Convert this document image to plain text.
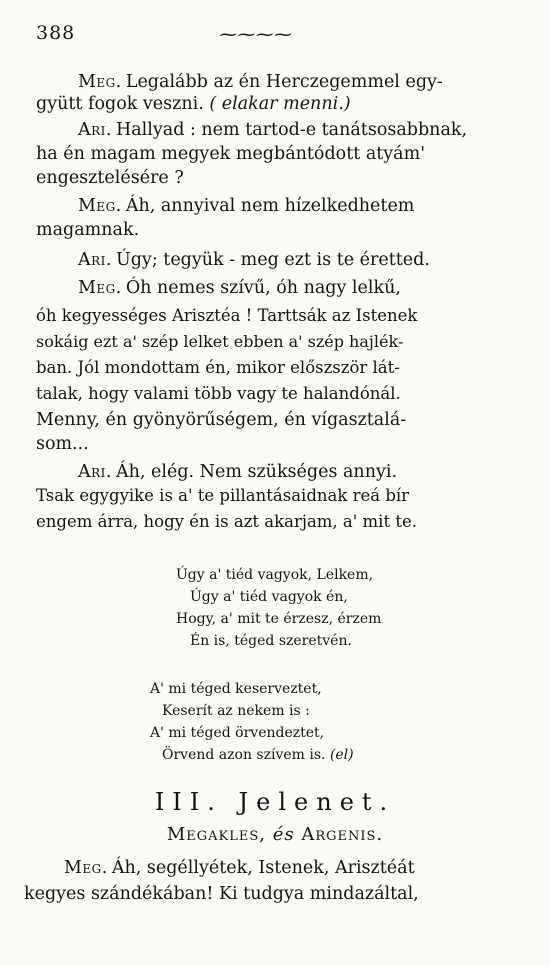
388	~~~~
Meg. Legalább az én Herczegemmel egy-
gyütt fogok veszni. ( elakar menni.)
Ari. Hallyad : nem tartod-e tanátsosabbnak,
ha én magam megyek megbántódott atyám'
engesztelésére ?
Meg. Áh, annyival nem hízelkedhetem
magamnak.
Ari. Úgy; tegyük - meg ezt is te éretted.
Meg. Óh nemes szívű, óh nagy lelkű,
óh kegyességes Arisztéa ! Tarttsák az Istenek
sokáig ezt a' szép lelket ebben a' szép hajlék-
ban. Jól mondottam én, mikor előszször lát-
talak, hogy valami több vagy te halandónál.
Menny, én gyönyörűségem, én vígasztalá-
som...
Ari. Áh, elég. Nem szükséges annyi.
Tsak egygyike is a' te pillantásaidnak reá bír
engem árra, hogy én is azt akarjam, a' mit te.
Úgy a' tiéd vagyok, Lelkem,
Úgy a' tiéd vagyok én,
Hogy, a' mit te érzesz, érzem
Én is, téged szeretvén.
A' mi téged keserveztet,
Keserít az nekem is :
A' mi téged örvendeztet,
Örvend azon szívem is. (el)
III. Jelenet.
Megakles, és Argenis.
Meg. Áh, segéllyétek, Istenek, Arisztéát
kegyes szándékában! Ki tudgya mindazáltal,
